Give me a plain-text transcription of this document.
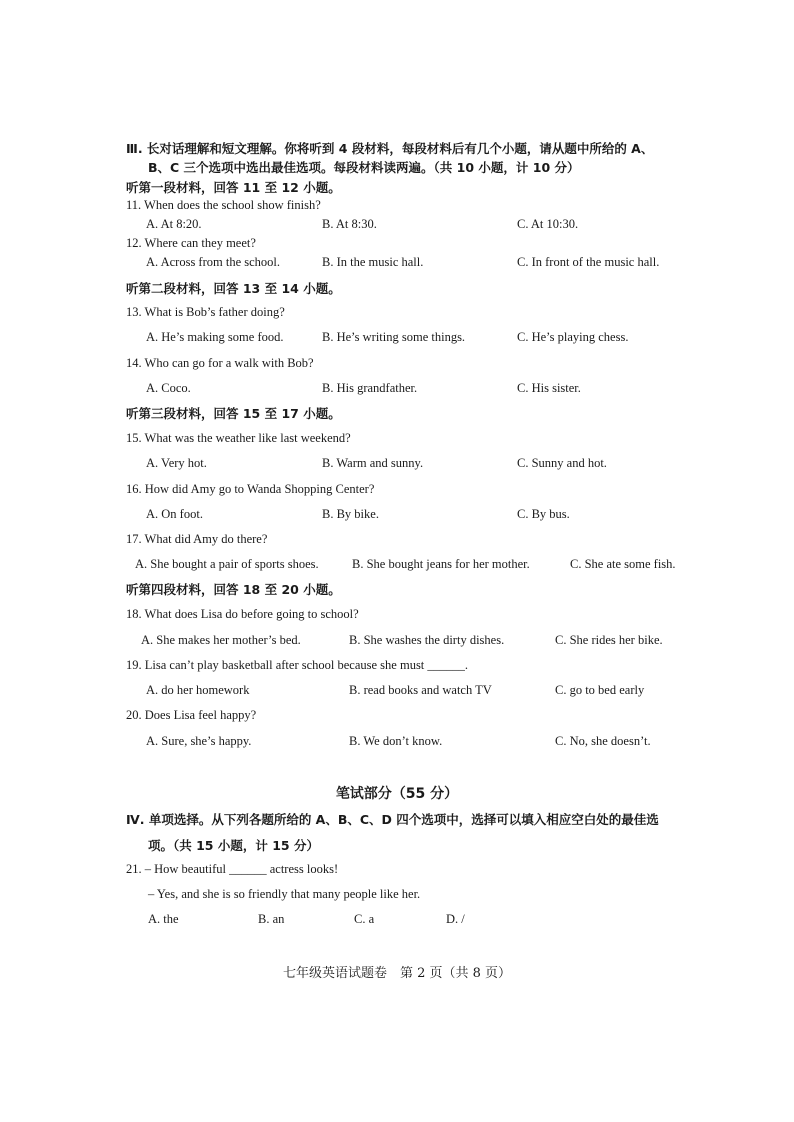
Ⅲ. 长对话理解和短文理解。你将听到 4 段材料，每段材料后有几个小题，请从题中所给的 A、
B、C 三个选项中选出最佳选项。每段材料读两遍。（共 10 小题，计 10 分）
听第一段材料，回答 11 至 12 小题。
11. When does the school show finish?
A. At 8:20.	B. At 8:30.	C. At 10:30.
12. Where can they meet?
A. Across from the school.	B. In the music hall.	C. In front of the music hall.
听第二段材料，回答 13 至 14 小题。
13. What is Bob’s father doing?
A. He’s making some food.	B. He’s writing some things.	C. He’s playing chess.
14. Who can go for a walk with Bob?
A. Coco.	B. His grandfather.	C. His sister.
听第三段材料，回答 15 至 17 小题。
15. What was the weather like last weekend?
A. Very hot.	B. Warm and sunny.	C. Sunny and hot.
16. How did Amy go to Wanda Shopping Center?
A. On foot.	B. By bike.	C. By bus.
17. What did Amy do there?
A. She bought a pair of sports shoes.	B. She bought jeans for her mother.	C. She ate some fish.
听第四段材料，回答 18 至 20 小题。
18. What does Lisa do before going to school?
A. She makes her mother’s bed.	B. She washes the dirty dishes.	C. She rides her bike.
19. Lisa can’t play basketball after school because she must ______.
A. do her homework	B. read books and watch TV	C. go to bed early
20. Does Lisa feel happy?
A. Sure, she’s happy.	B. We don’t know.	C. No, she doesn’t.
笔试部分（55 分）
Ⅳ. 单项选择。从下列各题所给的 A、B、C、D 四个选项中，选择可以填入相应空白处的最佳选
项。（共 15 小题，计 15 分）
21. – How beautiful ______ actress looks!
– Yes, and she is so friendly that many people like her.
A. the	B. an	C. a	D. /
七年级英语试题卷　第 2 页（共 8 页）
